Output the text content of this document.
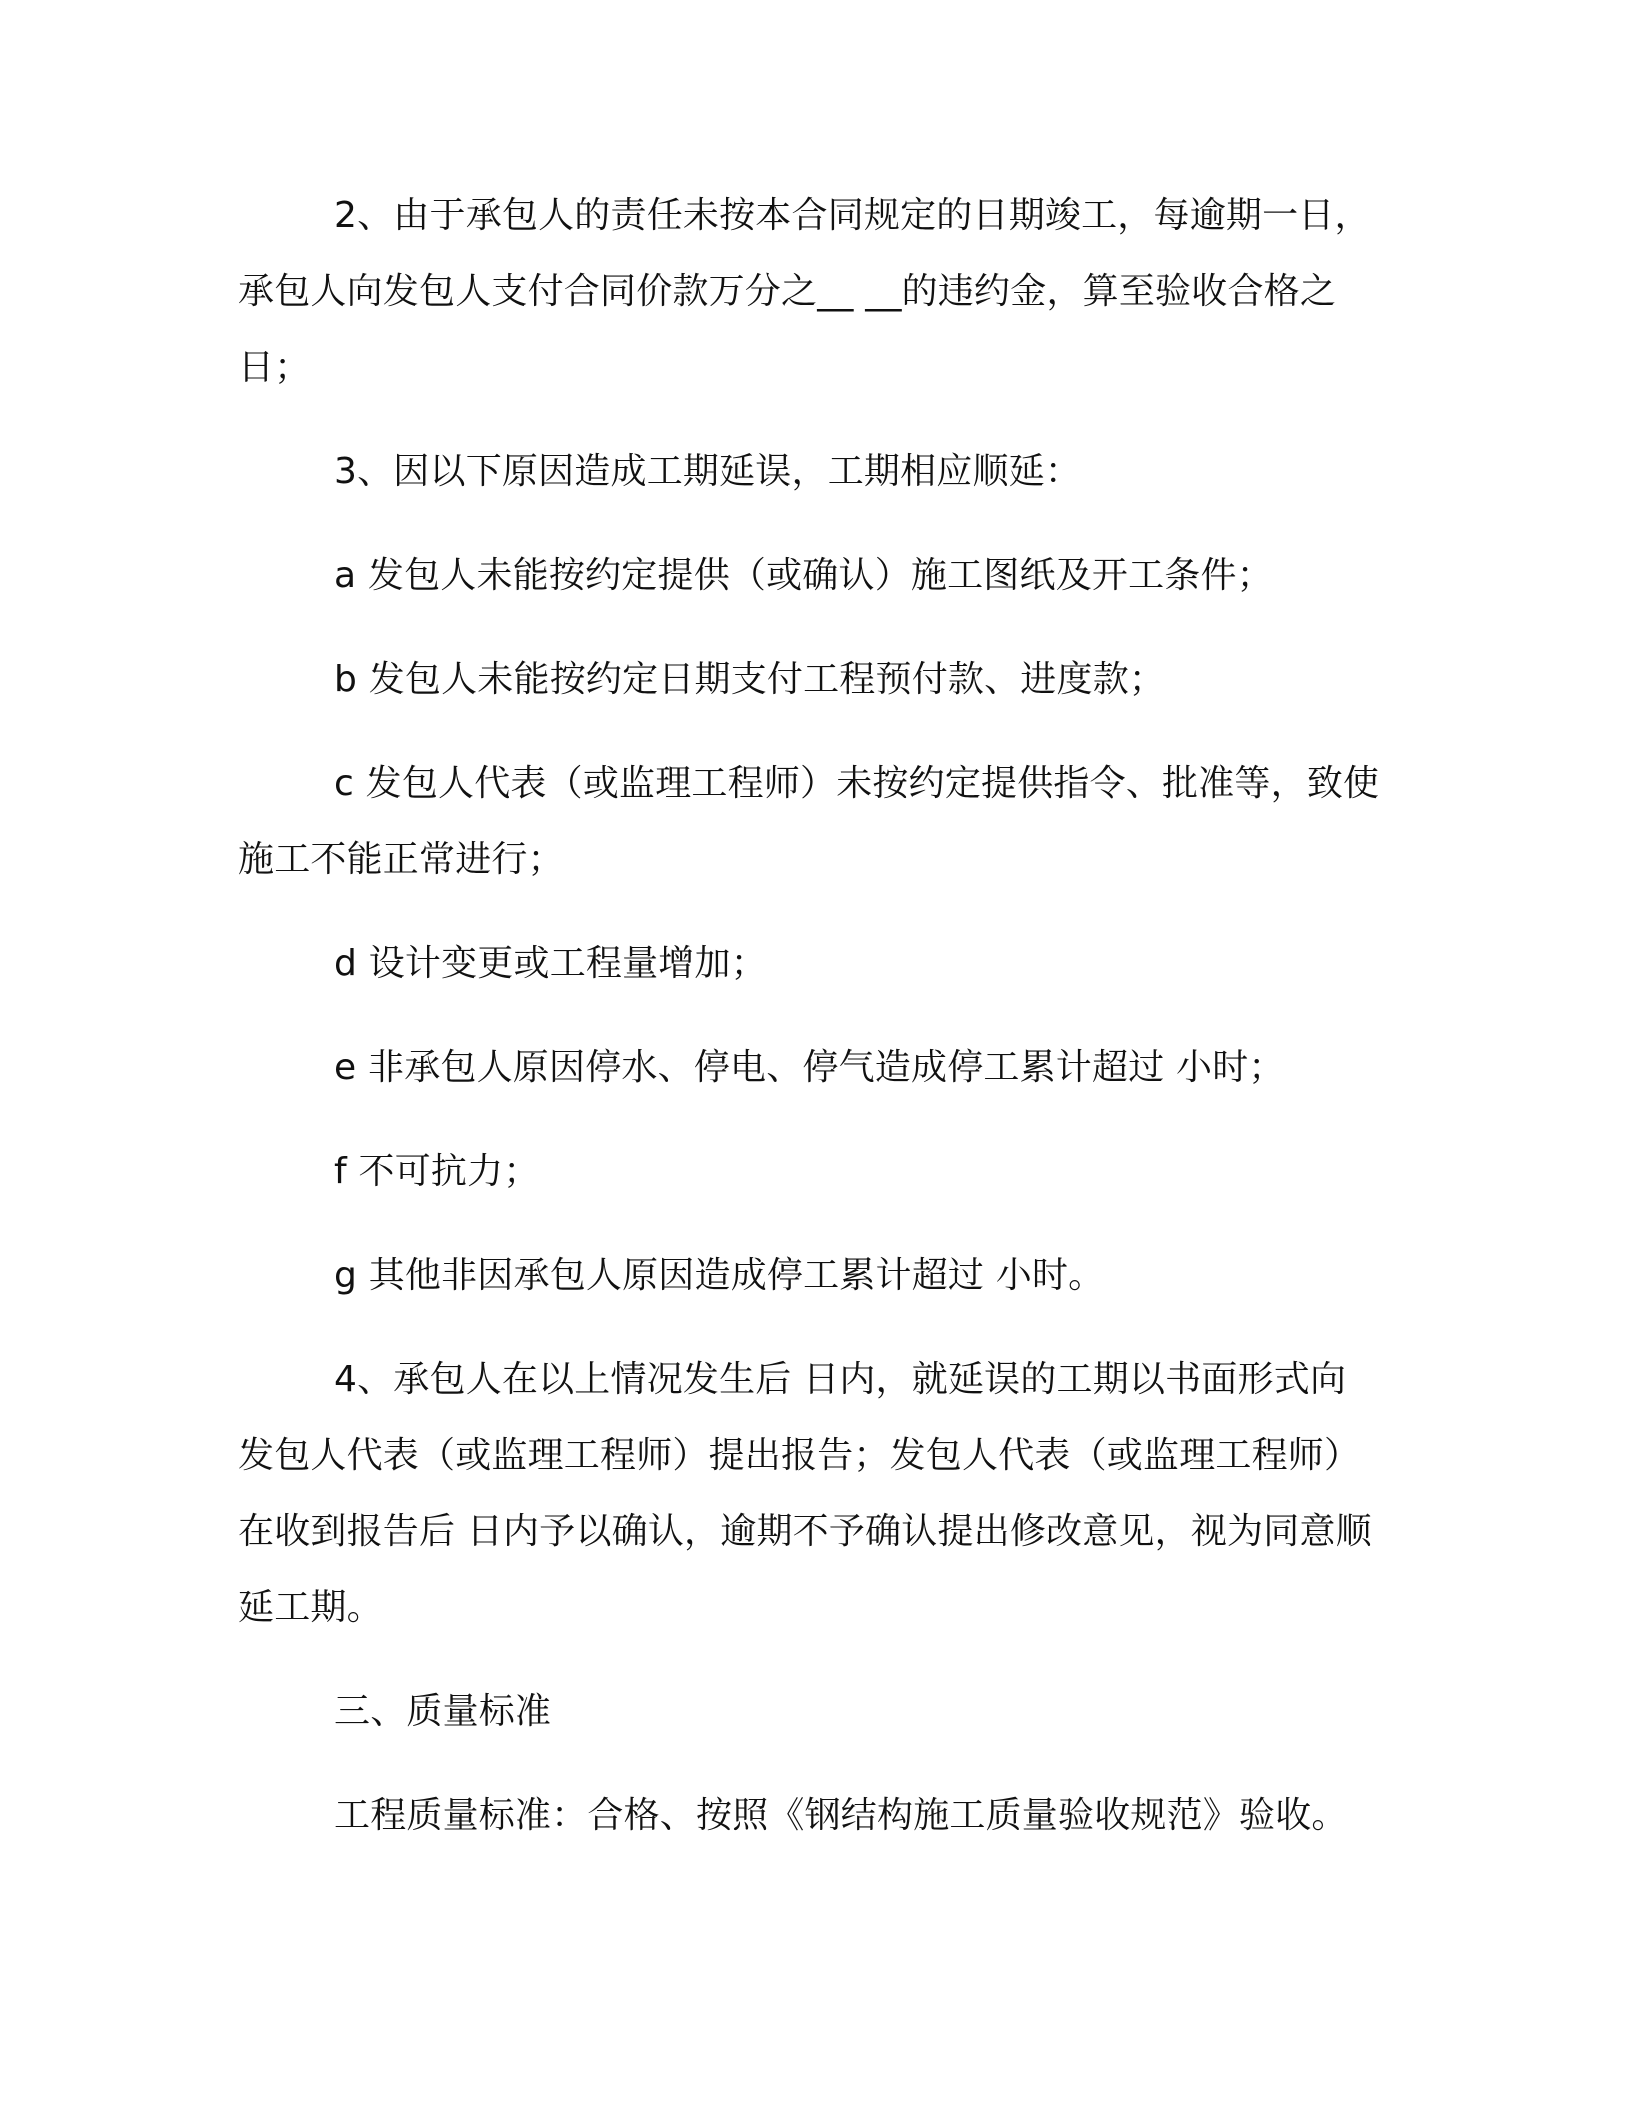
2、由于承包人的责任未按本合同规定的日期竣工，每逾期一日，承包人向发包人支付合同价款万分之__ __的违约金，算至验收合格之日；

3、因以下原因造成工期延误，工期相应顺延：

a 发包人未能按约定提供（或确认）施工图纸及开工条件；

b 发包人未能按约定日期支付工程预付款、进度款；

c 发包人代表（或监理工程师）未按约定提供指令、批准等，致使施工不能正常进行；

d 设计变更或工程量增加；

e 非承包人原因停水、停电、停气造成停工累计超过 小时；

f 不可抗力；

g 其他非因承包人原因造成停工累计超过 小时。

4、承包人在以上情况发生后 日内，就延误的工期以书面形式向发包人代表（或监理工程师）提出报告；发包人代表（或监理工程师）在收到报告后 日内予以确认，逾期不予确认提出修改意见，视为同意顺延工期。

三、质量标准

工程质量标准：合格、按照《钢结构施工质量验收规范》验收。
